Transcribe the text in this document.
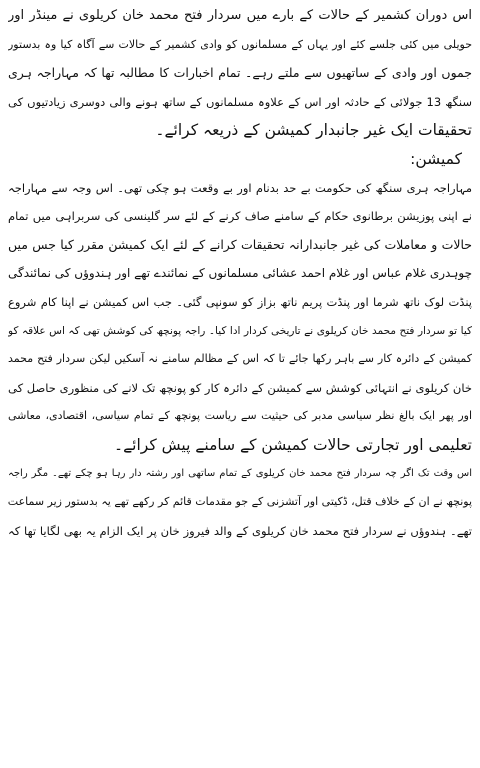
اس دوران کشمیر کے حالات کے بارے میں سردار فتح محمد خان کریلوی نے مینڈر اور
حویلی میں کئی جلسے کئے اور یہاں کے مسلمانوں کو وادی کشمیر کے حالات سے آگاہ کیا وہ بدستور
جموں اور وادی کے ساتھیوں سے ملتے رہے۔ تمام اخبارات کا مطالبہ تھا کہ مہاراجہ ہری
سنگھ 13 جولائی کے حادثہ اور اس کے علاوہ مسلمانوں کے ساتھ ہونے والی دوسری زیادتیوں کی
تحقیقات ایک غیر جانبدار کمیشن کے ذریعہ کرائے۔
کمیشن:
مہاراجہ ہری سنگھ کی حکومت بے حد بدنام اور بے وقعت ہو چکی تھی۔ اس وجہ سے مہاراجہ
نے اپنی پوزیشن برطانوی حکام کے سامنے صاف کرنے کے لئے سر گلینسی کی سربراہی میں تمام
حالات و معاملات کی غیر جانبدارانہ تحقیقات کرانے کے لئے ایک کمیشن مقرر کیا جس میں
چوہدری غلام عباس اور غلام احمد عشائی مسلمانوں کے نمائندے تھے اور ہندوؤں کی نمائندگی
پنڈت لوک ناتھ شرما اور پنڈت پریم ناتھ بزاز کو سونپی گئی۔ جب اس کمیشن نے اپنا کام شروع
کیا تو سردار فتح محمد خان کریلوی نے تاریخی کردار ادا کیا۔ راجہ پونچھ کی کوشش تھی کہ اس علاقہ کو
کمیشن کے دائرہ کار سے باہر رکھا جائے تا کہ اس کے مظالم سامنے نہ آسکیں لیکن سردار فتح محمد
خان کریلوی نے انتہائی کوشش سے کمیشن کے دائرہ کار کو پونچھ تک لانے کی منظوری حاصل کی
اور پھر ایک بالغ نظر سیاسی مدبر کی حیثیت سے ریاست پونچھ کے تمام سیاسی، اقتصادی، معاشی
تعلیمی اور تجارتی حالات کمیشن کے سامنے پیش کرائے۔
اس وقت تک اگر چہ سردار فتح محمد خان کریلوی کے تمام ساتھی اور رشتہ دار رہا ہو چکے تھے۔ مگر راجہ
پونچھ نے ان کے خلاف قتل، ڈکیتی اور آتشزنی کے جو مقدمات قائم کر رکھے تھے یہ بدستور زیر سماعت
تھے۔ ہندوؤں نے سردار فتح محمد خان کریلوی کے والد فیروز خان پر ایک الزام یہ بھی لگایا تھا کہ
